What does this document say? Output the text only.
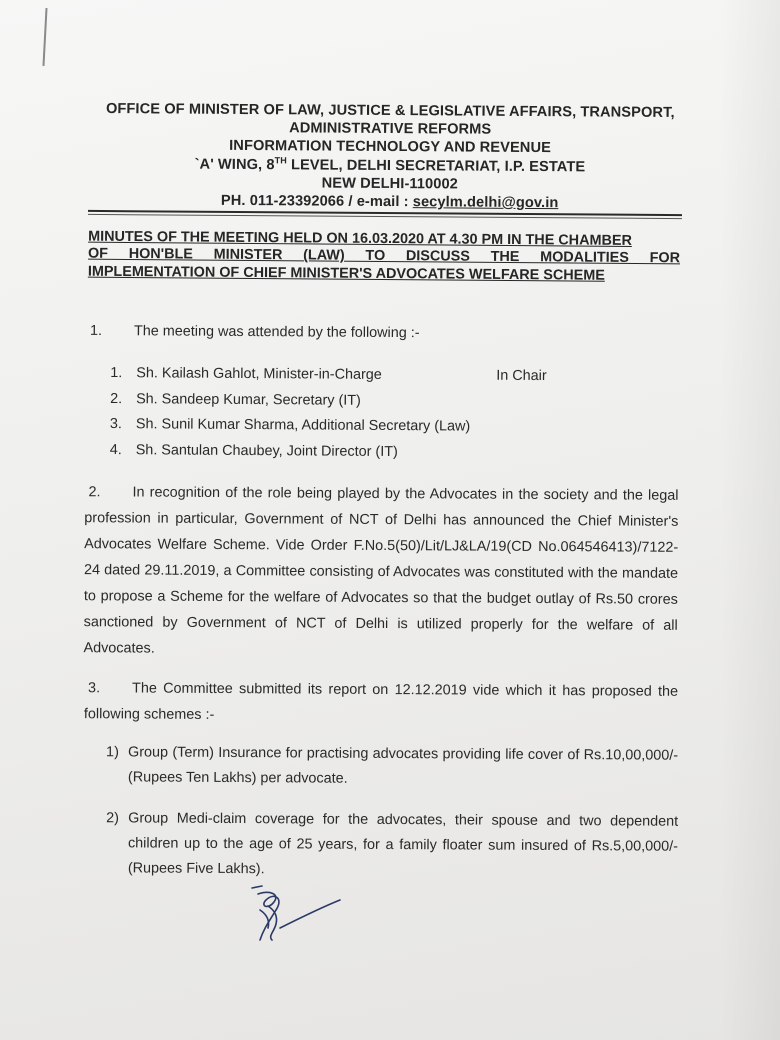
OFFICE OF MINISTER OF LAW, JUSTICE & LEGISLATIVE AFFAIRS, TRANSPORT,
ADMINISTRATIVE REFORMS
INFORMATION TECHNOLOGY AND REVENUE
`A' WING, 8TH LEVEL, DELHI SECRETARIAT, I.P. ESTATE
NEW DELHI-110002
PH. 011-23392066 / e-mail : secylm.delhi@gov.in
MINUTES OF THE MEETING HELD ON 16.03.2020 AT 4.30 PM IN THE CHAMBER
OF HON'BLE MINISTER (LAW) TO DISCUSS THE MODALITIES FOR
IMPLEMENTATION OF CHIEF MINISTER'S ADVOCATES WELFARE SCHEME
1. The meeting was attended by the following :-
1. Sh. Kailash Gahlot, Minister-in-Charge	In Chair
2. Sh. Sandeep Kumar, Secretary (IT)
3. Sh. Sunil Kumar Sharma, Additional Secretary (Law)
4. Sh. Santulan Chaubey, Joint Director (IT)
2. In recognition of the role being played by the Advocates in the society and the legal profession in particular, Government of NCT of Delhi has announced the Chief Minister's Advocates Welfare Scheme. Vide Order F.No.5(50)/Lit/LJ&LA/19(CD No.064546413)/7122-24 dated 29.11.2019, a Committee consisting of Advocates was constituted with the mandate to propose a Scheme for the welfare of Advocates so that the budget outlay of Rs.50 crores sanctioned by Government of NCT of Delhi is utilized properly for the welfare of all Advocates.
3. The Committee submitted its report on 12.12.2019 vide which it has proposed the following schemes :-
1) Group (Term) Insurance for practising advocates providing life cover of Rs.10,00,000/- (Rupees Ten Lakhs) per advocate.
2) Group Medi-claim coverage for the advocates, their spouse and two dependent children up to the age of 25 years, for a family floater sum insured of Rs.5,00,000/- (Rupees Five Lakhs).
